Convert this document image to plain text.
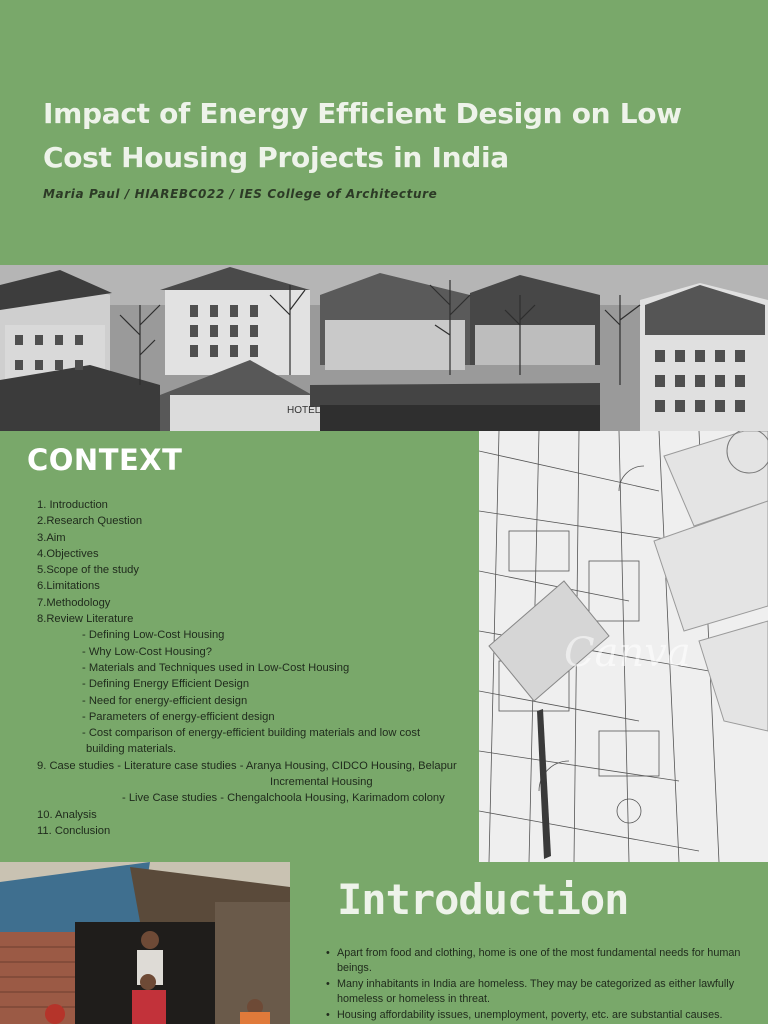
Impact of Energy Efficient Design on Low Cost Housing Projects in India
Maria Paul / HIAREBC022 / IES College of Architecture
HOTEL
CONTEXT
1. Introduction
2.Research Question
3.Aim
4.Objectives
5.Scope of the study
6.Limitations
7.Methodology
8.Review Literature
- Defining Low-Cost Housing
- Why Low-Cost Housing?
- Materials and Techniques used in Low-Cost Housing
- Defining Energy Efficient Design
- Need for energy-efficient design
- Parameters of energy-efficient design
- Cost comparison of energy-efficient building materials and low cost
building materials.
9. Case studies - Literature case studies - Aranya Housing, CIDCO Housing, Belapur
Incremental Housing
- Live Case studies - Chengalchoola Housing, Karimadom colony
10. Analysis
11. Conclusion
Canva
Introduction
• Apart from food and clothing, home is one of the most fundamental needs for human beings.
• Many inhabitants in India are homeless. They may be categorized as either lawfully homeless or homeless in threat.
• Housing affordability issues, unemployment, poverty, etc. are substantial causes.
